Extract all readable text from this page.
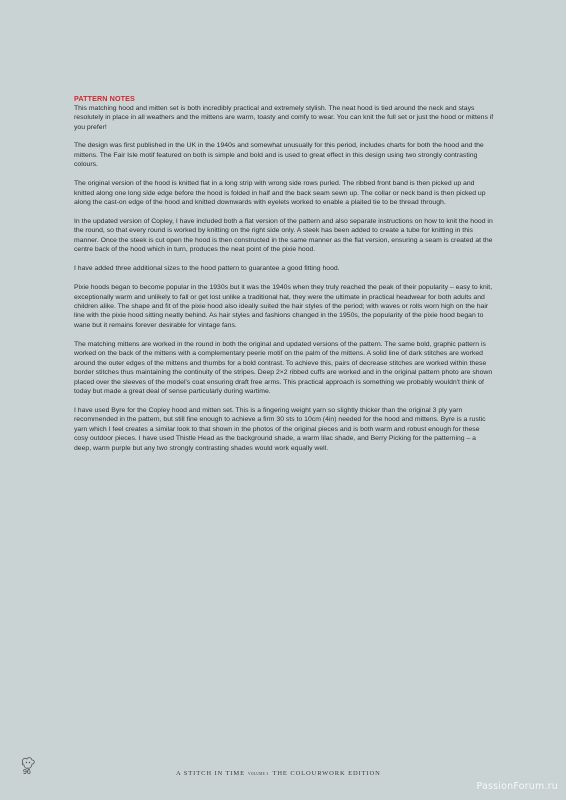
PATTERN NOTES

This matching hood and mitten set is both incredibly practical and extremely stylish. The neat hood is tied around the neck and stays resolutely in place in all weathers and the mittens are warm, toasty and comfy to wear. You can knit the full set or just the hood or mittens if you prefer!

The design was first published in the UK in the 1940s and somewhat unusually for this period, includes charts for both the hood and the mittens. The Fair Isle motif featured on both is simple and bold and is used to great effect in this design using two strongly contrasting colours.

The original version of the hood is knitted flat in a long strip with wrong side rows purled. The ribbed front band is then picked up and knitted along one long side edge before the hood is folded in half and the back seam sewn up. The collar or neck band is then picked up along the cast-on edge of the hood and knitted downwards with eyelets worked to enable a plaited tie to be thread through.

In the updated version of Copley, I have included both a flat version of the pattern and also separate instructions on how to knit the hood in the round, so that every round is worked by knitting on the right side only. A steek has been added to create a tube for knitting in this manner. Once the steek is cut open the hood is then constructed in the same manner as the flat version, ensuring a seam is created at the centre back of the hood which in turn, produces the neat point of the pixie hood.

I have added three additional sizes to the hood pattern to guarantee a good fitting hood.

Pixie hoods began to become popular in the 1930s but it was the 1940s when they truly reached the peak of their popularity – easy to knit, exceptionally warm and unlikely to fall or get lost unlike a traditional hat, they were the ultimate in practical headwear for both adults and children alike. The shape and fit of the pixie hood also ideally suited the hair styles of the period; with waves or rolls worn high on the hair line with the pixie hood sitting neatly behind. As hair styles and fashions changed in the 1950s, the popularity of the pixie hood began to wane but it remains forever desirable for vintage fans.

The matching mittens are worked in the round in both the original and updated versions of the pattern. The same bold, graphic pattern is worked on the back of the mittens with a complementary peerie motif on the palm of the mittens. A solid line of dark stitches are worked around the outer edges of the mittens and thumbs for a bold contrast. To achieve this, pairs of decrease stitches are worked within these border stitches thus maintaining the continuity of the stripes. Deep 2×2 ribbed cuffs are worked and in the original pattern photo are shown placed over the sleeves of the model's coat ensuring draft free arms. This practical approach is something we probably wouldn't think of today but made a great deal of sense particularly during wartime.

I have used Byre for the Copley hood and mitten set. This is a fingering weight yarn so slightly thicker than the original 3 ply yarn recommended in the pattern, but still fine enough to achieve a firm 30 sts to 10cm (4in) needed for the hood and mittens. Byre is a rustic yarn which I feel creates a similar look to that shown in the photos of the original pieces and is both warm and robust enough for these cosy outdoor pieces. I have used Thistle Head as the background shade, a warm lilac shade, and Berry Picking for the patterning – a deep, warm purple but any two strongly contrasting shades would work equally well.

96	A STITCH IN TIME VOLUME 3 THE COLOURWORK EDITION
PassionForum.ru
